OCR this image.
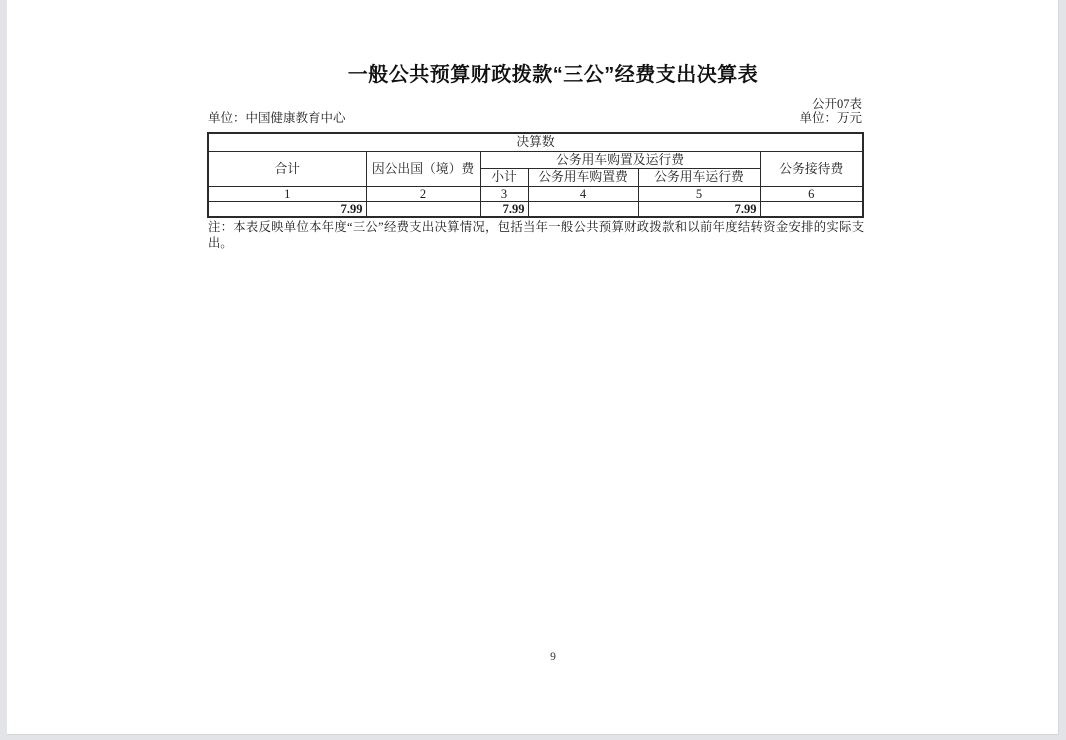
一般公共预算财政拨款“三公”经费支出决算表
公开07表
单位：中国健康教育中心	单位：万元
决算数					
合计	因公出国（境）费	公务用车购置及运行费			公务接待费
		小计	公务用车购置费	公务用车运行费	
1	2	3	4	5	6
7.99		7.99		7.99	
注：本表反映单位本年度“三公”经费支出决算情况，包括当年一般公共预算财政拨款和以前年度结转资金安排的实际支出。
9
